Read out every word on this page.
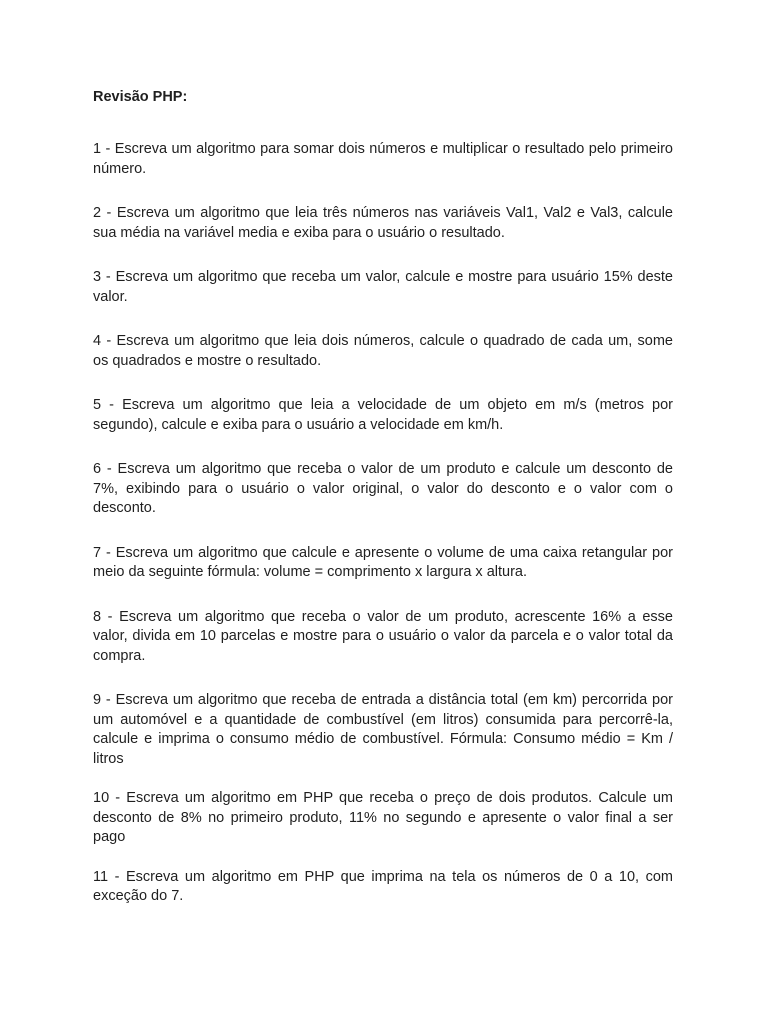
Revisão PHP:

1 - Escreva um algoritmo para somar dois números e multiplicar o resultado pelo primeiro número.

2 - Escreva um algoritmo que leia três números nas variáveis Val1, Val2 e Val3, calcule sua média na variável media e exiba para o usuário o resultado.

3 - Escreva um algoritmo que receba um valor, calcule e mostre para usuário 15% deste valor.

4 - Escreva um algoritmo que leia dois números, calcule o quadrado de cada um, some os quadrados e mostre o resultado.

5 - Escreva um algoritmo que leia a velocidade de um objeto em m/s (metros por segundo), calcule e exiba para o usuário a velocidade em km/h.

6 - Escreva um algoritmo que receba o valor de um produto e calcule um desconto de 7%, exibindo para o usuário o valor original, o valor do desconto e o valor com o desconto.

7 - Escreva um algoritmo que calcule e apresente o volume de uma caixa retangular por meio da seguinte fórmula: volume = comprimento x largura x altura.

8 - Escreva um algoritmo que receba o valor de um produto, acrescente 16% a esse valor, divida em 10 parcelas e mostre para o usuário o valor da parcela e o valor total da compra.

9 - Escreva um algoritmo que receba de entrada a distância total (em km) percorrida por um automóvel e a quantidade de combustível (em litros) consumida para percorrê-la, calcule e imprima o consumo médio de combustível. Fórmula: Consumo médio = Km / litros

10 - Escreva um algoritmo em PHP que receba o preço de dois produtos. Calcule um desconto de 8% no primeiro produto, 11% no segundo e apresente o valor final a ser pago

11 - Escreva um algoritmo em PHP que imprima na tela os números de 0 a 10, com exceção do 7.
